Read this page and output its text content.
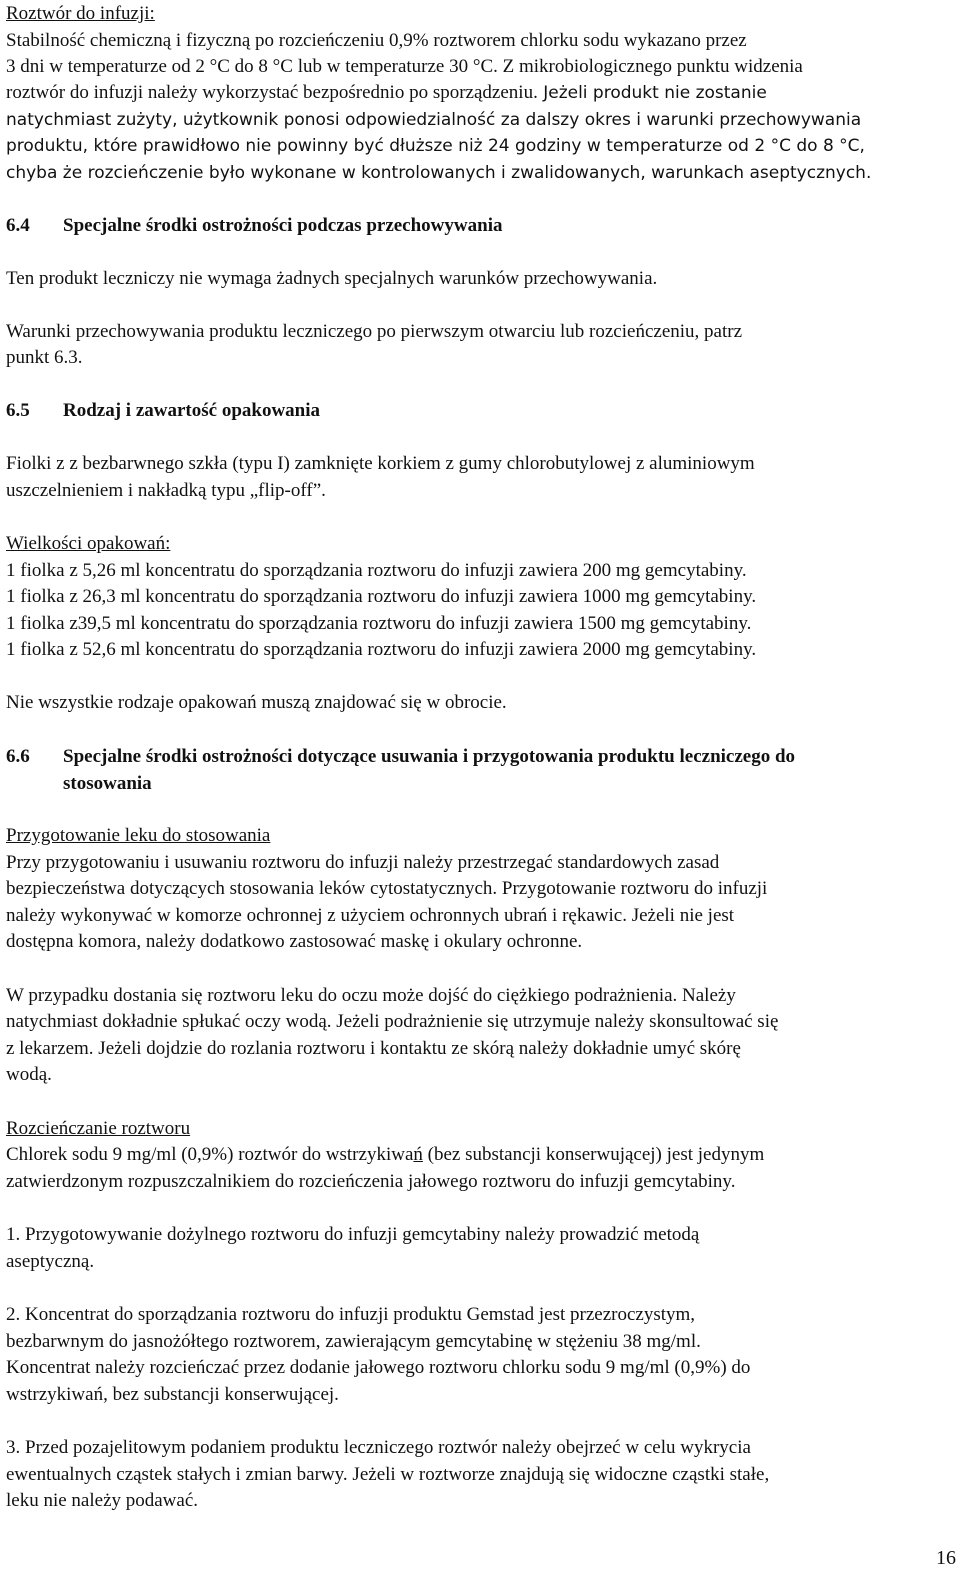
Roztwór do infuzji:

Stabilność chemiczną i fizyczną po rozcieńczeniu 0,9% roztworem chlorku sodu wykazano przez

3 dni w temperaturze od 2 °C do 8 °C lub w temperaturze 30 °C. Z mikrobiologicznego punktu widzenia

roztwór do infuzji należy wykorzystać bezpośrednio po sporządzeniu. Jeżeli produkt nie zostanie

natychmiast zużyty, użytkownik ponosi odpowiedzialność za dalszy okres i warunki przechowywania

produktu, które prawidłowo nie powinny być dłuższe niż 24 godziny w temperaturze od 2 °C do 8 °C,

chyba że rozcieńczenie było wykonane w kontrolowanych i zwalidowanych, warunkach aseptycznych.

6.4	Specjalne środki ostrożności podczas przechowywania

Ten produkt leczniczy nie wymaga żadnych specjalnych warunków przechowywania.

Warunki przechowywania produktu leczniczego po pierwszym otwarciu lub rozcieńczeniu, patrz

punkt 6.3.

6.5	Rodzaj i zawartość opakowania

Fiolki z z bezbarwnego szkła (typu I) zamknięte korkiem z gumy chlorobutylowej z aluminiowym

uszczelnieniem i nakładką typu „flip-off”.

Wielkości opakowań:

1 fiolka z 5,26 ml koncentratu do sporządzania roztworu do infuzji zawiera 200 mg gemcytabiny.

1 fiolka z 26,3 ml koncentratu do sporządzania roztworu do infuzji zawiera 1000 mg gemcytabiny.

1 fiolka z39,5 ml koncentratu do sporządzania roztworu do infuzji zawiera 1500 mg gemcytabiny.

1 fiolka z 52,6 ml koncentratu do sporządzania roztworu do infuzji zawiera 2000 mg gemcytabiny.

Nie wszystkie rodzaje opakowań muszą znajdować się w obrocie.

6.6	Specjalne środki ostrożności dotyczące usuwania i przygotowania produktu leczniczego do
stosowania

Przygotowanie leku do stosowania

Przy przygotowaniu i usuwaniu roztworu do infuzji należy przestrzegać standardowych zasad

bezpieczeństwa dotyczących stosowania leków cytostatycznych. Przygotowanie roztworu do infuzji

należy wykonywać w komorze ochronnej z użyciem ochronnych ubrań i rękawic. Jeżeli nie jest

dostępna komora, należy dodatkowo zastosować maskę i okulary ochronne.

W przypadku dostania się roztworu leku do oczu może dojść do ciężkiego podrażnienia. Należy

natychmiast dokładnie spłukać oczy wodą. Jeżeli podrażnienie się utrzymuje należy skonsultować się

z lekarzem. Jeżeli dojdzie do rozlania roztworu i kontaktu ze skórą należy dokładnie umyć skórę

wodą.

Rozcieńczanie roztworu

Chlorek sodu 9 mg/ml (0,9%) roztwór do wstrzykiwań (bez substancji konserwującej) jest jedynym

zatwierdzonym rozpuszczalnikiem do rozcieńczenia jałowego roztworu do infuzji gemcytabiny.

1. Przygotowywanie dożylnego roztworu do infuzji gemcytabiny należy prowadzić metodą

aseptyczną.

2. Koncentrat do sporządzania roztworu do infuzji produktu Gemstad jest przezroczystym,

bezbarwnym do jasnożółtego roztworem, zawierającym gemcytabinę w stężeniu 38 mg/ml.

Koncentrat należy rozcieńczać przez dodanie jałowego roztworu chlorku sodu 9 mg/ml (0,9%) do

wstrzykiwań, bez substancji konserwującej.

3. Przed pozajelitowym podaniem produktu leczniczego roztwór należy obejrzeć w celu wykrycia

ewentualnych cząstek stałych i zmian barwy. Jeżeli w roztworze znajdują się widoczne cząstki stałe,

leku nie należy podawać.

16
